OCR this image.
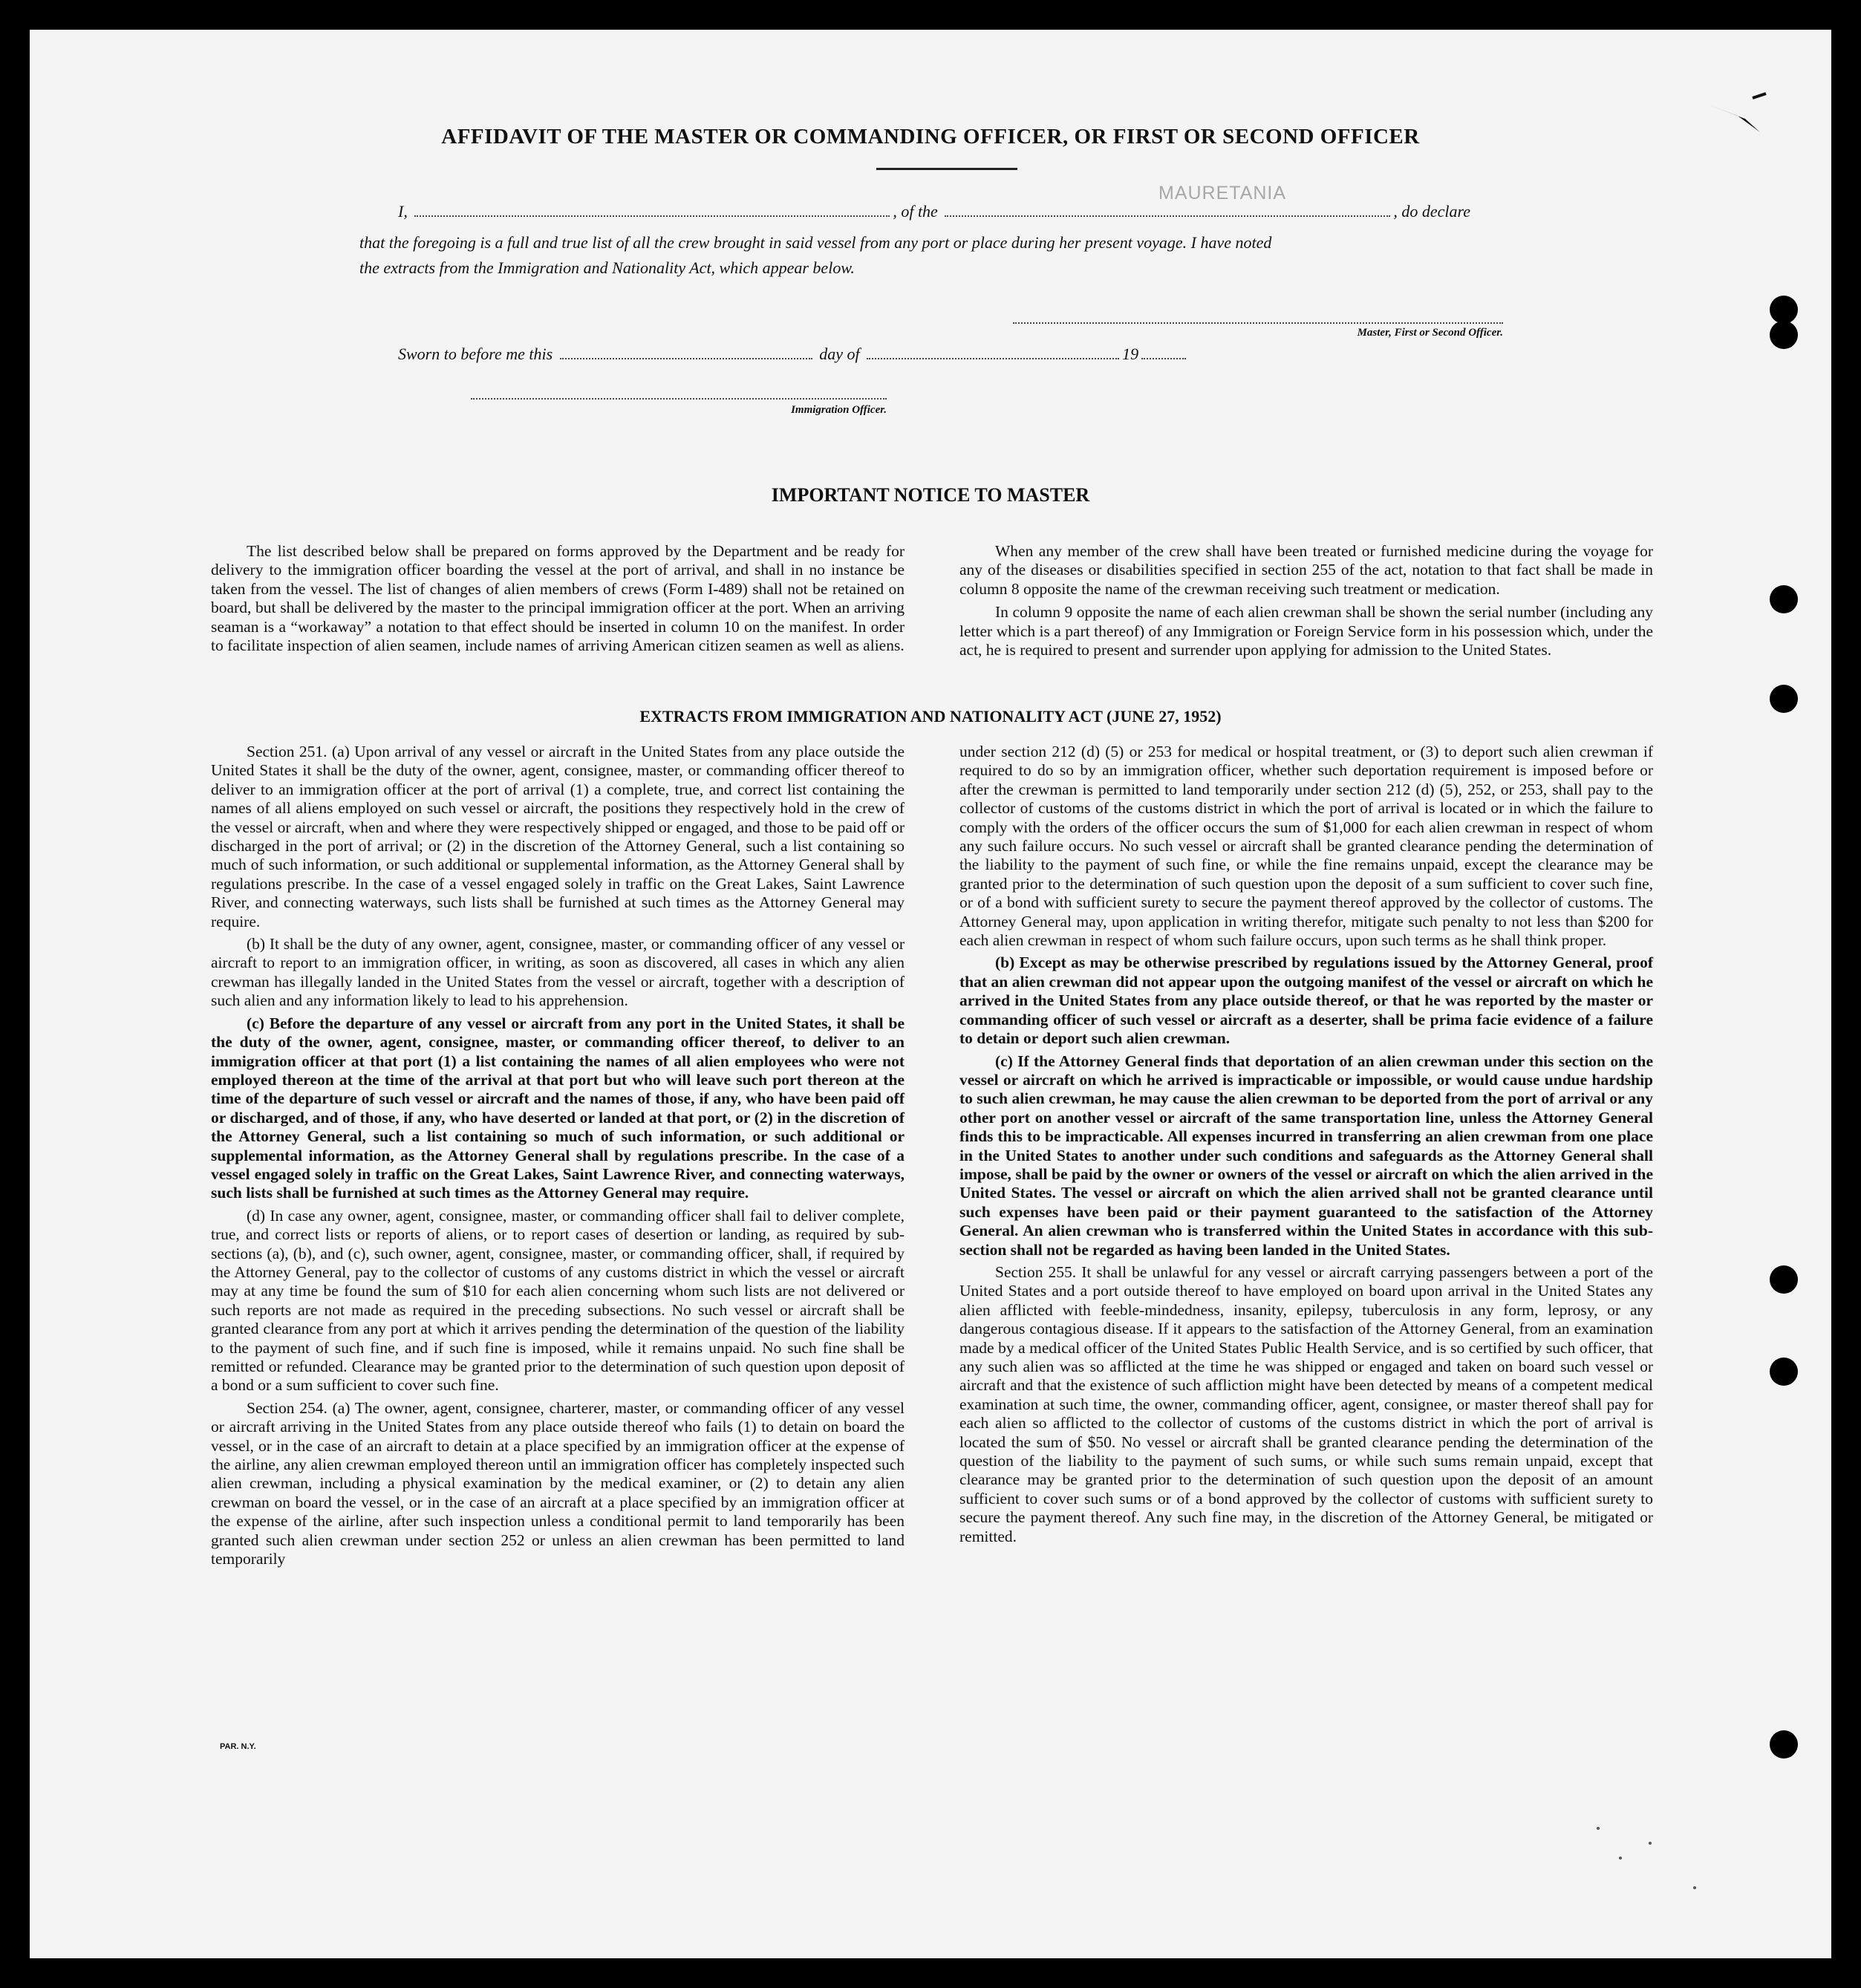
AFFIDAVIT OF THE MASTER OR COMMANDING OFFICER, OR FIRST OR SECOND OFFICER
I,	, of the	, do declare
MAURETANIA
that the foregoing is a full and true list of all the crew brought in said vessel from any port or place during her present voyage. I have noted
the extracts from the Immigration and Nationality Act, which appear below.
Master, First or Second Officer.
Sworn to before me this	day of	19
Immigration Officer.
IMPORTANT NOTICE TO MASTER

The list described below shall be prepared on forms approved by the Department and be ready for delivery to the immigration officer boarding the vessel at the port of arrival, and shall in no instance be taken from the vessel. The list of changes of alien members of crews (Form I-489) shall not be retained on board, but shall be delivered by the master to the principal immigration officer at the port. When an arriving seaman is a “workaway” a notation to that effect should be inserted in column 10 on the manifest. In order to facilitate inspection of alien seamen, include names of arriving American citizen seamen as well as aliens.

When any member of the crew shall have been treated or furnished medicine during the voyage for any of the diseases or disabilities specified in section 255 of the act, notation to that fact shall be made in column 8 opposite the name of the crewman receiving such treatment or medication.

In column 9 opposite the name of each alien crewman shall be shown the serial number (including any letter which is a part thereof) of any Immigration or Foreign Service form in his possession which, under the act, he is required to present and surrender upon applying for admission to the United States.

EXTRACTS FROM IMMIGRATION AND NATIONALITY ACT (JUNE 27, 1952)

Section 251. (a) Upon arrival of any vessel or aircraft in the United States from any place outside the United States it shall be the duty of the owner, agent, consignee, master, or commanding officer thereof to deliver to an immigration officer at the port of arrival (1) a complete, true, and correct list containing the names of all aliens employed on such vessel or aircraft, the positions they respectively hold in the crew of the vessel or aircraft, when and where they were respectively shipped or engaged, and those to be paid off or discharged in the port of arrival; or (2) in the discretion of the Attorney General, such a list containing so much of such information, or such additional or supplemental information, as the Attorney General shall by regulations prescribe. In the case of a vessel engaged solely in traffic on the Great Lakes, Saint Lawrence River, and connecting waterways, such lists shall be furnished at such times as the Attorney General may require.

(b) It shall be the duty of any owner, agent, consignee, master, or commanding officer of any vessel or aircraft to report to an immigration officer, in writing, as soon as discovered, all cases in which any alien crewman has illegally landed in the United States from the vessel or aircraft, together with a description of such alien and any information likely to lead to his apprehension.

(c) Before the departure of any vessel or aircraft from any port in the United States, it shall be the duty of the owner, agent, consignee, master, or commanding officer thereof, to deliver to an immigration officer at that port (1) a list containing the names of all alien employees who were not employed thereon at the time of the arrival at that port but who will leave such port thereon at the time of the departure of such vessel or aircraft and the names of those, if any, who have been paid off or discharged, and of those, if any, who have deserted or landed at that port, or (2) in the discretion of the Attorney General, such a list containing so much of such information, or such additional or supplemental information, as the Attorney General shall by regulations prescribe. In the case of a vessel engaged solely in traffic on the Great Lakes, Saint Lawrence River, and connecting waterways, such lists shall be furnished at such times as the Attorney General may require.

(d) In case any owner, agent, consignee, master, or commanding officer shall fail to deliver complete, true, and correct lists or reports of aliens, or to report cases of desertion or landing, as required by sub-sections (a), (b), and (c), such owner, agent, consignee, master, or commanding officer, shall, if required by the Attorney General, pay to the collector of customs of any customs district in which the vessel or aircraft may at any time be found the sum of $10 for each alien concerning whom such lists are not delivered or such reports are not made as required in the preceding subsections. No such vessel or aircraft shall be granted clearance from any port at which it arrives pending the determination of the question of the liability to the payment of such fine, and if such fine is imposed, while it remains unpaid. No such fine shall be remitted or refunded. Clearance may be granted prior to the determination of such question upon deposit of a bond or a sum sufficient to cover such fine.

Section 254. (a) The owner, agent, consignee, charterer, master, or commanding officer of any vessel or aircraft arriving in the United States from any place outside thereof who fails (1) to detain on board the vessel, or in the case of an aircraft to detain at a place specified by an immigration officer at the expense of the airline, any alien crewman employed thereon until an immigration officer has completely inspected such alien crewman, including a physical examination by the medical examiner, or (2) to detain any alien crewman on board the vessel, or in the case of an aircraft at a place specified by an immigration officer at the expense of the airline, after such inspection unless a conditional permit to land temporarily has been granted such alien crewman under section 252 or unless an alien crewman has been permitted to land temporarily

under section 212 (d) (5) or 253 for medical or hospital treatment, or (3) to deport such alien crewman if required to do so by an immigration officer, whether such deportation requirement is imposed before or after the crewman is permitted to land temporarily under section 212 (d) (5), 252, or 253, shall pay to the collector of customs of the customs district in which the port of arrival is located or in which the failure to comply with the orders of the officer occurs the sum of $1,000 for each alien crewman in respect of whom any such failure occurs. No such vessel or aircraft shall be granted clearance pending the determination of the liability to the payment of such fine, or while the fine remains unpaid, except the clearance may be granted prior to the determination of such question upon the deposit of a sum sufficient to cover such fine, or of a bond with sufficient surety to secure the payment thereof approved by the collector of customs. The Attorney General may, upon application in writing therefor, mitigate such penalty to not less than $200 for each alien crewman in respect of whom such failure occurs, upon such terms as he shall think proper.

(b) Except as may be otherwise prescribed by regulations issued by the Attorney General, proof that an alien crewman did not appear upon the outgoing manifest of the vessel or aircraft on which he arrived in the United States from any place outside thereof, or that he was reported by the master or commanding officer of such vessel or aircraft as a deserter, shall be prima facie evidence of a failure to detain or deport such alien crewman.

(c) If the Attorney General finds that deportation of an alien crewman under this section on the vessel or aircraft on which he arrived is impracticable or impossible, or would cause undue hardship to such alien crewman, he may cause the alien crewman to be deported from the port of arrival or any other port on another vessel or aircraft of the same transportation line, unless the Attorney General finds this to be impracticable. All expenses incurred in transferring an alien crewman from one place in the United States to another under such conditions and safeguards as the Attorney General shall impose, shall be paid by the owner or owners of the vessel or aircraft on which the alien arrived in the United States. The vessel or aircraft on which the alien arrived shall not be granted clearance until such expenses have been paid or their payment guaranteed to the satisfaction of the Attorney General. An alien crewman who is transferred within the United States in accordance with this sub-section shall not be regarded as having been landed in the United States.

Section 255. It shall be unlawful for any vessel or aircraft carrying passengers between a port of the United States and a port outside thereof to have employed on board upon arrival in the United States any alien afflicted with feeble-mindedness, insanity, epilepsy, tuberculosis in any form, leprosy, or any dangerous contagious disease. If it appears to the satisfaction of the Attorney General, from an examination made by a medical officer of the United States Public Health Service, and is so certified by such officer, that any such alien was so afflicted at the time he was shipped or engaged and taken on board such vessel or aircraft and that the existence of such affliction might have been detected by means of a competent medical examination at such time, the owner, commanding officer, agent, consignee, or master thereof shall pay for each alien so afflicted to the collector of customs of the customs district in which the port of arrival is located the sum of $50. No vessel or aircraft shall be granted clearance pending the determination of the question of the liability to the payment of such sums, or while such sums remain unpaid, except that clearance may be granted prior to the determination of such question upon the deposit of an amount sufficient to cover such sums or of a bond approved by the collector of customs with sufficient surety to secure the payment thereof. Any such fine may, in the discretion of the Attorney General, be mitigated or remitted.

PAR. N.Y.
